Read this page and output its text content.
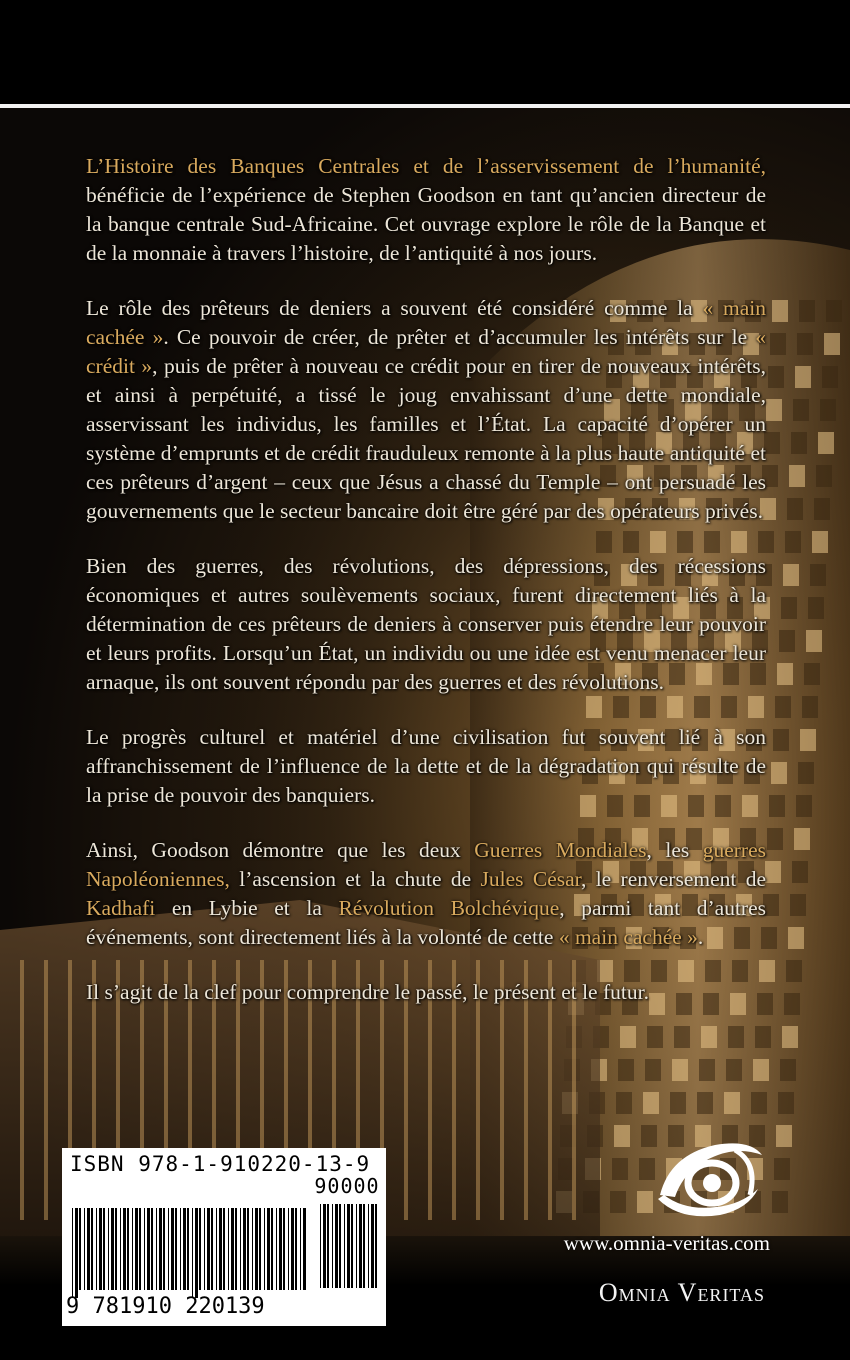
L’Histoire des Banques Centrales et de l’asservissement de l’humanité, bénéficie de l’expérience de Stephen Goodson en tant qu’ancien directeur de la banque centrale Sud-Africaine. Cet ouvrage explore le rôle de la Banque et de la monnaie à travers l’histoire, de l’antiquité à nos jours.

Le rôle des prêteurs de deniers a souvent été considéré comme la « main cachée ». Ce pouvoir de créer, de prêter et d’accumuler les intérêts sur le « crédit », puis de prêter à nouveau ce crédit pour en tirer de nouveaux intérêts, et ainsi à perpétuité, a tissé le joug envahissant d’une dette mondiale, asservissant les individus, les familles et l’État. La capacité d’opérer un système d’emprunts et de crédit frauduleux remonte à la plus haute antiquité et ces prêteurs d’argent – ceux que Jésus a chassé du Temple – ont persuadé les gouvernements que le secteur bancaire doit être géré par des opérateurs privés.

Bien des guerres, des révolutions, des dépressions, des récessions économiques et autres soulèvements sociaux, furent directement liés à la détermination de ces prêteurs de deniers à conserver puis étendre leur pouvoir et leurs profits. Lorsqu’un État, un individu ou une idée est venu menacer leur arnaque, ils ont souvent répondu par des guerres et des révolutions.

Le progrès culturel et matériel d’une civilisation fut souvent lié à son affranchissement de l’influence de la dette et de la dégradation qui résulte de la prise de pouvoir des banquiers.

Ainsi, Goodson démontre que les deux Guerres Mondiales, les guerres Napoléoniennes, l’ascension et la chute de Jules César, le renversement de Kadhafi en Lybie et la Révolution Bolchévique, parmi tant d’autres événements, sont directement liés à la volonté de cette « main cachée ».

Il s’agit de la clef pour comprendre le passé, le présent et le futur.

ISBN 978-1-910220-13-9
90000
9 781910 220139
www.omnia-veritas.com
Omnia Veritas
